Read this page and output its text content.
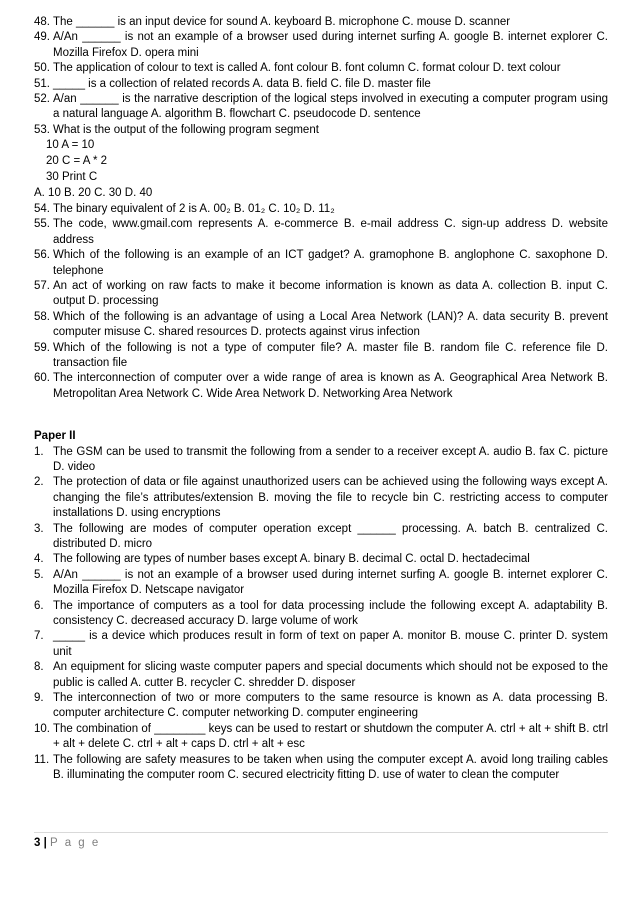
48. The ______ is an input device for sound A. keyboard B. microphone C. mouse D. scanner
49. A/An ______ is not an example of a browser used during internet surfing A. google B. internet explorer C. Mozilla Firefox D. opera mini
50. The application of colour to text is called A. font colour B. font column C. format colour D. text colour
51. _____ is a collection of related records A. data B. field C. file D. master file
52. A/an ______ is the narrative description of the logical steps involved in executing a computer program using a natural language A. algorithm B. flowchart C. pseudocode D. sentence
53. What is the output of the following program segment
10 A = 10
20 C = A * 2
30 Print C
A. 10 B. 20 C. 30 D. 40
54. The binary equivalent of 2 is A. 00₂ B. 01₂ C. 10₂ D. 11₂
55. The code, www.gmail.com represents A. e-commerce B. e-mail address C. sign-up address D. website address
56. Which of the following is an example of an ICT gadget? A. gramophone B. anglophone C. saxophone D. telephone
57. An act of working on raw facts to make it become information is known as data A. collection B. input C. output D. processing
58. Which of the following is an advantage of using a Local Area Network (LAN)? A. data security B. prevent computer misuse C. shared resources D. protects against virus infection
59. Which of the following is not a type of computer file? A. master file B. random file C. reference file D. transaction file
60. The interconnection of computer over a wide range of area is known as A. Geographical Area Network B. Metropolitan Area Network C. Wide Area Network D. Networking Area Network
Paper II
1. The GSM can be used to transmit the following from a sender to a receiver except A. audio B. fax C. picture D. video
2. The protection of data or file against unauthorized users can be achieved using the following ways except A. changing the file’s attributes/extension B. moving the file to recycle bin C. restricting access to computer installations D. using encryptions
3. The following are modes of computer operation except ______ processing. A. batch B. centralized C. distributed D. micro
4. The following are types of number bases except A. binary B. decimal C. octal D. hectadecimal
5. A/An ______ is not an example of a browser used during internet surfing A. google B. internet explorer C. Mozilla Firefox D. Netscape navigator
6. The importance of computers as a tool for data processing include the following except A. adaptability B. consistency C. decreased accuracy D. large volume of work
7. _____ is a device which produces result in form of text on paper A. monitor B. mouse C. printer D. system unit
8. An equipment for slicing waste computer papers and special documents which should not be exposed to the public is called A. cutter B. recycler C. shredder D. disposer
9. The interconnection of two or more computers to the same resource is known as A. data processing B. computer architecture C. computer networking D. computer engineering
10. The combination of ________ keys can be used to restart or shutdown the computer A. ctrl + alt + shift B. ctrl + alt + delete C. ctrl + alt + caps D. ctrl + alt + esc
11. The following are safety measures to be taken when using the computer except A. avoid long trailing cables B. illuminating the computer room C. secured electricity fitting D. use of water to clean the computer
3 | P a g e
